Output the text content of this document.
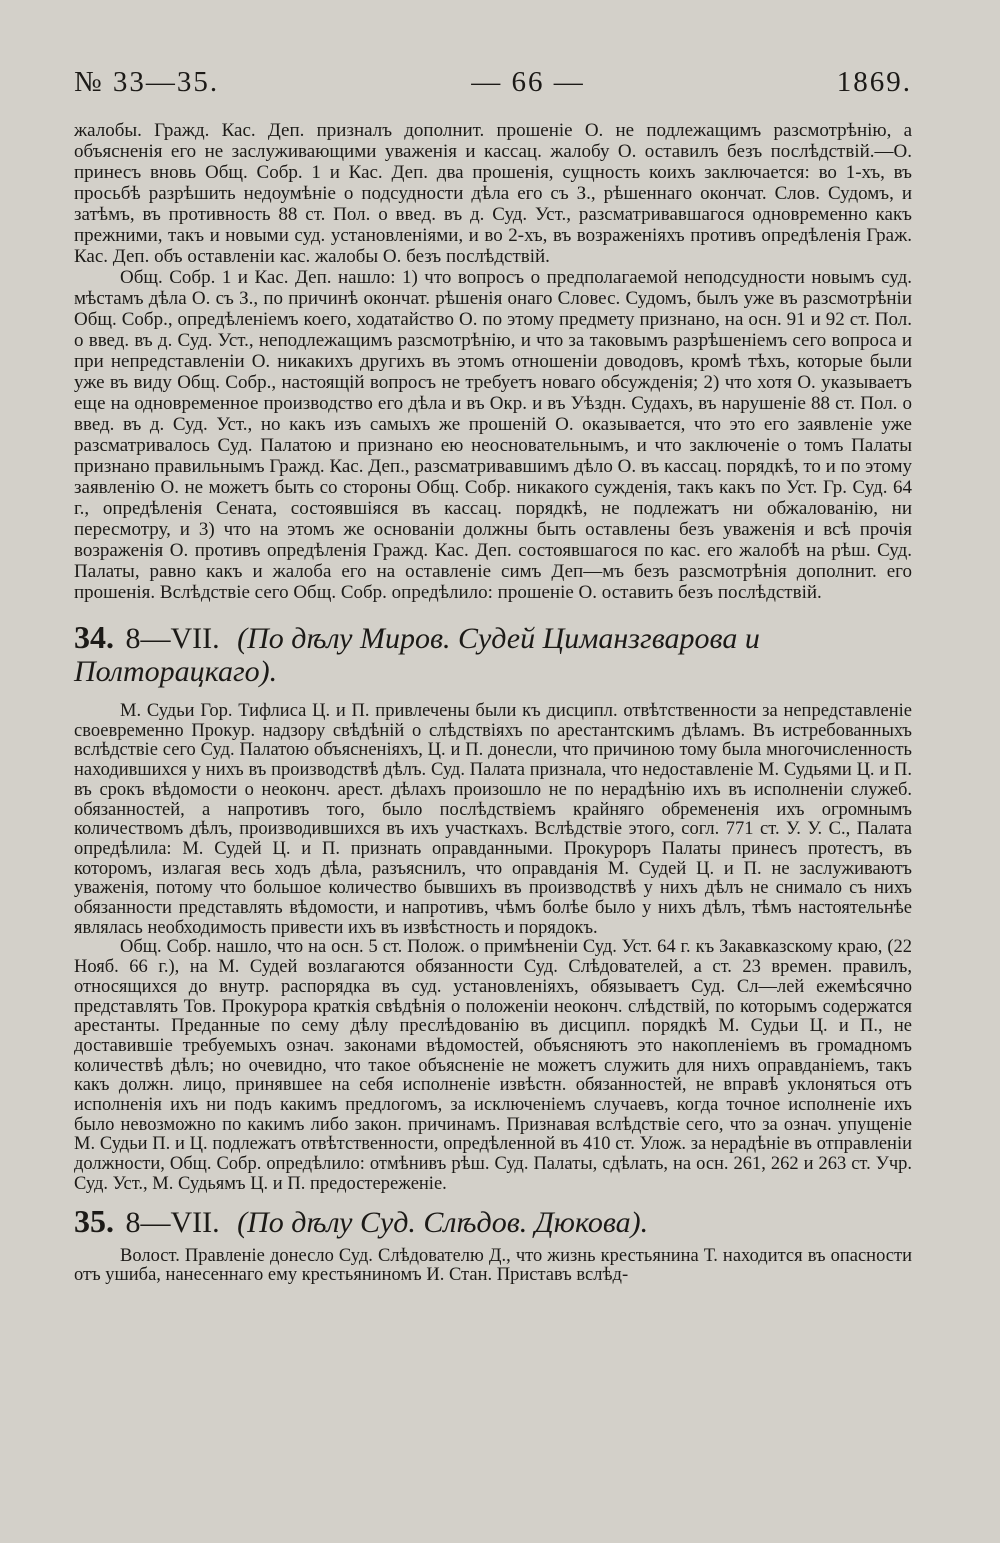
№ 33—35.	— 66 —	1869.

жалобы. Гражд. Кас. Деп. призналъ дополнит. прошеніе О. не подлежащимъ разсмотрѣнію, а объясненія его не заслуживающими уваженія и кассац. жалобу О. оставилъ безъ послѣдствій.—О. принесъ вновь Общ. Собр. 1 и Кас. Деп. два прошенія, сущность коихъ заключается: во 1-хъ, въ просьбѣ разрѣшить недоумѣніе о подсудности дѣла его съ З., рѣшеннаго окончат. Слов. Судомъ, и затѣмъ, въ противность 88 ст. Пол. о введ. въ д. Суд. Уст., разсматривавшагося одновременно какъ прежними, такъ и новыми суд. установленіями, и во 2-хъ, въ возраженіяхъ противъ опредѣленія Граж. Кас. Деп. объ оставленіи кас. жалобы О. безъ послѣдствій.

Общ. Собр. 1 и Кас. Деп. нашло: 1) что вопросъ о предполагаемой неподсудности новымъ суд. мѣстамъ дѣла О. съ З., по причинѣ окончат. рѣшенія онаго Словес. Судомъ, былъ уже въ разсмотрѣніи Общ. Собр., опредѣленіемъ коего, ходатайство О. по этому предмету признано, на осн. 91 и 92 ст. Пол. о введ. въ д. Суд. Уст., неподлежащимъ разсмотрѣнію, и что за таковымъ разрѣшеніемъ сего вопроса и при непредставленіи О. никакихъ другихъ въ этомъ отношеніи доводовъ, кромѣ тѣхъ, которые были уже въ виду Общ. Собр., настоящій вопросъ не требуетъ новаго обсужденія; 2) что хотя О. указываетъ еще на одновременное производство его дѣла и въ Окр. и въ Уѣздн. Судахъ, въ нарушеніе 88 ст. Пол. о введ. въ д. Суд. Уст., но какъ изъ самыхъ же прошеній О. оказывается, что это его заявленіе уже разсматривалось Суд. Палатою и признано ею неосновательнымъ, и что заключеніе о томъ Палаты признано правильнымъ Гражд. Кас. Деп., разсматривавшимъ дѣло О. въ кассац. порядкѣ, то и по этому заявленію О. не можетъ быть со стороны Общ. Собр. никакого сужденія, такъ какъ по Уст. Гр. Суд. 64 г., опредѣленія Сената, состоявшіяся въ кассац. порядкѣ, не подлежатъ ни обжалованію, ни пересмотру, и 3) что на этомъ же основаніи должны быть оставлены безъ уваженія и всѣ прочія возраженія О. противъ опредѣленія Гражд. Кас. Деп. состоявшагося по кас. его жалобѣ на рѣш. Суд. Палаты, равно какъ и жалоба его на оставленіе симъ Деп—мъ безъ разсмотрѣнія дополнит. его прошенія. Вслѣдствіе сего Общ. Собр. опредѣлило: прошеніе О. оставить безъ послѣдствій.

34. 8—VII. (По дѣлу Миров. Судей Циманзгварова и Полторацкаго).

М. Судьи Гор. Тифлиса Ц. и П. привлечены были къ дисципл. отвѣтственности за непредставленіе своевременно Прокур. надзору свѣдѣній о слѣдствіяхъ по арестантскимъ дѣламъ. Въ истребованныхъ вслѣдствіе сего Суд. Палатою объясненіяхъ, Ц. и П. донесли, что причиною тому была многочисленность находившихся у нихъ въ производствѣ дѣлъ. Суд. Палата признала, что недоставленіе М. Судьями Ц. и П. въ срокъ вѣдомости о неоконч. арест. дѣлахъ произошло не по нерадѣнію ихъ въ исполненіи служеб. обязанностей, а напротивъ того, было послѣдствіемъ крайняго обремененія ихъ огромнымъ количествомъ дѣлъ, производившихся въ ихъ участкахъ. Вслѣдствіе этого, согл. 771 ст. У. У. С., Палата опредѣлила: М. Судей Ц. и П. признать оправданными. Прокуроръ Палаты принесъ протестъ, въ которомъ, излагая весь ходъ дѣла, разъяснилъ, что оправданія М. Судей Ц. и П. не заслуживаютъ уваженія, потому что большое количество бывшихъ въ производствѣ у нихъ дѣлъ не снимало съ нихъ обязанности представлять вѣдомости, и напротивъ, чѣмъ болѣе было у нихъ дѣлъ, тѣмъ настоятельнѣе являлась необходимость привести ихъ въ извѣстность и порядокъ.

Общ. Собр. нашло, что на осн. 5 ст. Полож. о примѣненіи Суд. Уст. 64 г. къ Закавказскому краю, (22 Нояб. 66 г.), на М. Судей возлагаются обязанности Суд. Слѣдователей, а ст. 23 времен. правилъ, относящихся до внутр. распорядка въ суд. установленіяхъ, обязываетъ Суд. Сл—лей ежемѣсячно представлять Тов. Прокурора краткія свѣдѣнія о положеніи неоконч. слѣдствій, по которымъ содержатся арестанты. Преданные по сему дѣлу преслѣдованію въ дисципл. порядкѣ М. Судьи Ц. и П., не доставившіе требуемыхъ означ. законами вѣдомостей, объясняютъ это накопленіемъ въ громадномъ количествѣ дѣлъ; но очевидно, что такое объясненіе не можетъ служить для нихъ оправданіемъ, такъ какъ должн. лицо, принявшее на себя исполненіе извѣстн. обязанностей, не вправѣ уклоняться отъ исполненія ихъ ни подъ какимъ предлогомъ, за исключеніемъ случаевъ, когда точное исполненіе ихъ было невозможно по какимъ либо закон. причинамъ. Признавая вслѣдствіе сего, что за означ. упущеніе М. Судьи П. и Ц. подлежатъ отвѣтственности, опредѣленной въ 410 ст. Улож. за нерадѣніе въ отправленіи должности, Общ. Собр. опредѣлило: отмѣнивъ рѣш. Суд. Палаты, сдѣлать, на осн. 261, 262 и 263 ст. Учр. Суд. Уст., М. Судьямъ Ц. и П. предостереженіе.

35. 8—VII. (По дѣлу Суд. Слѣдов. Дюкова).

Волост. Правленіе донесло Суд. Слѣдователю Д., что жизнь крестьянина Т. находится въ опасности отъ ушиба, нанесеннаго ему крестьяниномъ И. Стан. Приставъ вслѣд-
